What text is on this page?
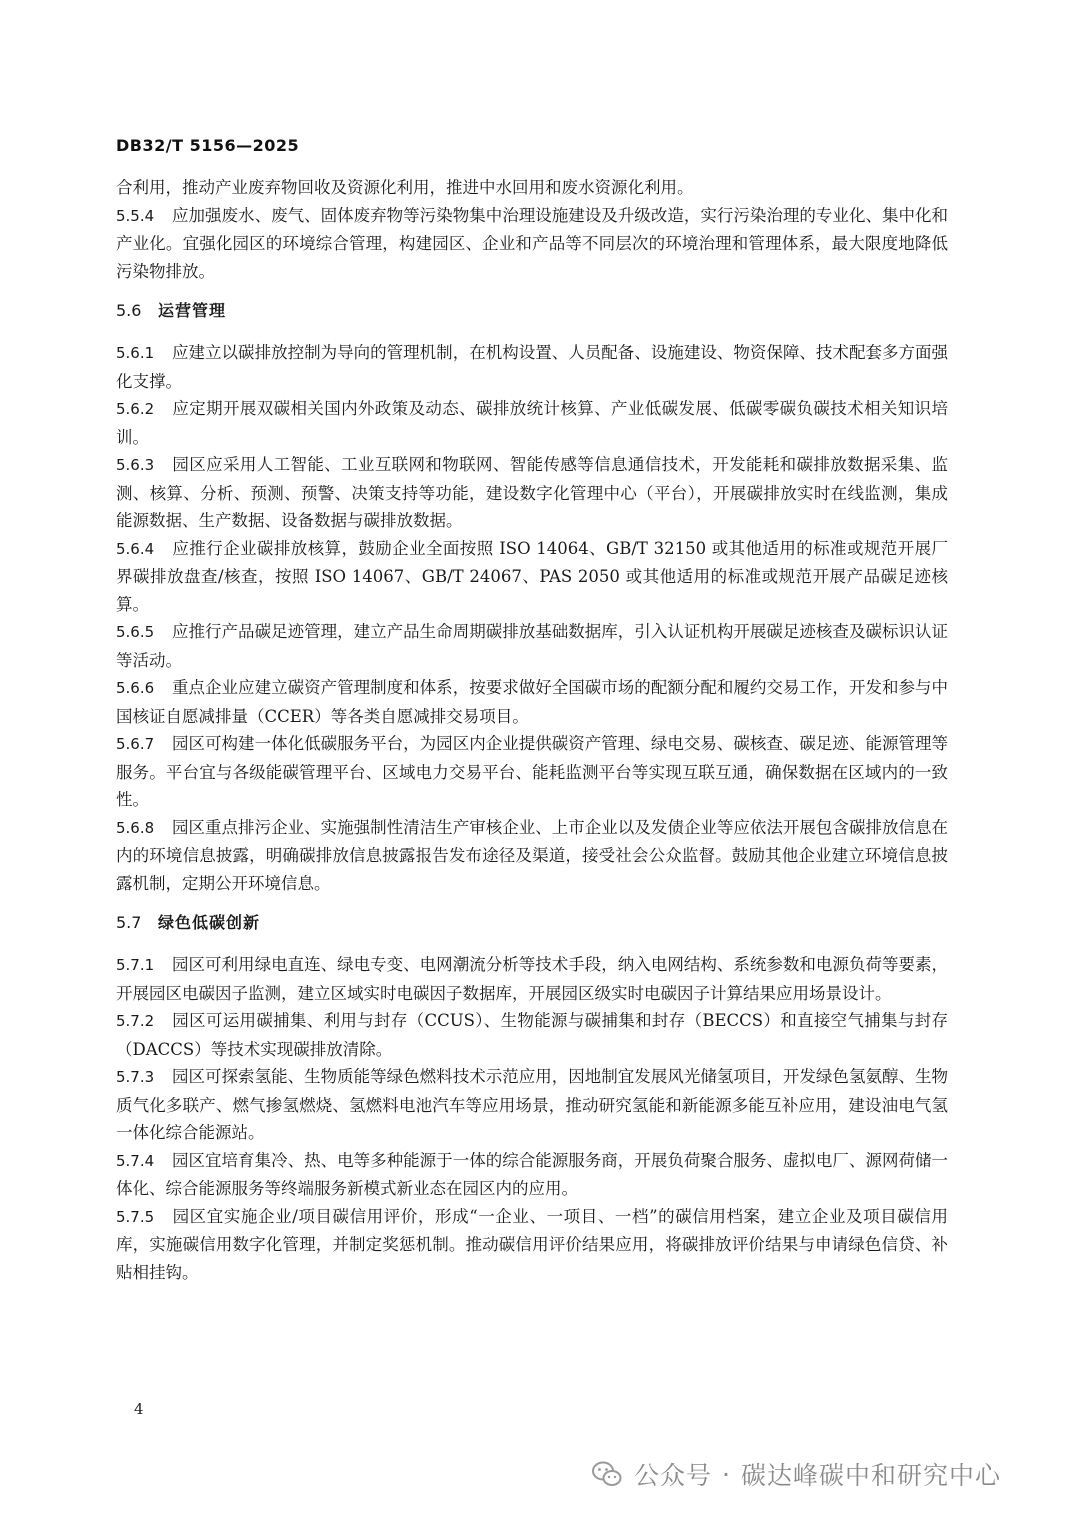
DB32/T 5156—2025

合利用，推动产业废弃物回收及资源化利用，推进中水回用和废水资源化利用。

5.5.4 应加强废水、废气、固体废弃物等污染物集中治理设施建设及升级改造，实行污染治理的专业化、集中化和产业化。宜强化园区的环境综合管理，构建园区、企业和产品等不同层次的环境治理和管理体系，最大限度地降低污染物排放。

5.6 运营管理

5.6.1 应建立以碳排放控制为导向的管理机制，在机构设置、人员配备、设施建设、物资保障、技术配套多方面强化支撑。

5.6.2 应定期开展双碳相关国内外政策及动态、碳排放统计核算、产业低碳发展、低碳零碳负碳技术相关知识培训。

5.6.3 园区应采用人工智能、工业互联网和物联网、智能传感等信息通信技术，开发能耗和碳排放数据采集、监测、核算、分析、预测、预警、决策支持等功能，建设数字化管理中心（平台），开展碳排放实时在线监测，集成能源数据、生产数据、设备数据与碳排放数据。

5.6.4 应推行企业碳排放核算，鼓励企业全面按照 ISO 14064、GB/T 32150 或其他适用的标准或规范开展厂界碳排放盘查/核查，按照 ISO 14067、GB/T 24067、PAS 2050 或其他适用的标准或规范开展产品碳足迹核算。

5.6.5 应推行产品碳足迹管理，建立产品生命周期碳排放基础数据库，引入认证机构开展碳足迹核查及碳标识认证等活动。

5.6.6 重点企业应建立碳资产管理制度和体系，按要求做好全国碳市场的配额分配和履约交易工作，开发和参与中国核证自愿减排量（CCER）等各类自愿减排交易项目。

5.6.7 园区可构建一体化低碳服务平台，为园区内企业提供碳资产管理、绿电交易、碳核查、碳足迹、能源管理等服务。平台宜与各级能碳管理平台、区域电力交易平台、能耗监测平台等实现互联互通，确保数据在区域内的一致性。

5.6.8 园区重点排污企业、实施强制性清洁生产审核企业、上市企业以及发债企业等应依法开展包含碳排放信息在内的环境信息披露，明确碳排放信息披露报告发布途径及渠道，接受社会公众监督。鼓励其他企业建立环境信息披露机制，定期公开环境信息。

5.7 绿色低碳创新

5.7.1 园区可利用绿电直连、绿电专变、电网潮流分析等技术手段，纳入电网结构、系统参数和电源负荷等要素，开展园区电碳因子监测，建立区域实时电碳因子数据库，开展园区级实时电碳因子计算结果应用场景设计。

5.7.2 园区可运用碳捕集、利用与封存（CCUS）、生物能源与碳捕集和封存（BECCS）和直接空气捕集与封存（DACCS）等技术实现碳排放清除。

5.7.3 园区可探索氢能、生物质能等绿色燃料技术示范应用，因地制宜发展风光储氢项目，开发绿色氢氨醇、生物质气化多联产、燃气掺氢燃烧、氢燃料电池汽车等应用场景，推动研究氢能和新能源多能互补应用，建设油电气氢一体化综合能源站。

5.7.4 园区宜培育集冷、热、电等多种能源于一体的综合能源服务商，开展负荷聚合服务、虚拟电厂、源网荷储一体化、综合能源服务等终端服务新模式新业态在园区内的应用。

5.7.5 园区宜实施企业/项目碳信用评价，形成“一企业、一项目、一档”的碳信用档案，建立企业及项目碳信用库，实施碳信用数字化管理，并制定奖惩机制。推动碳信用评价结果应用，将碳排放评价结果与申请绿色信贷、补贴相挂钩。

4
公众号 · 碳达峰碳中和研究中心
